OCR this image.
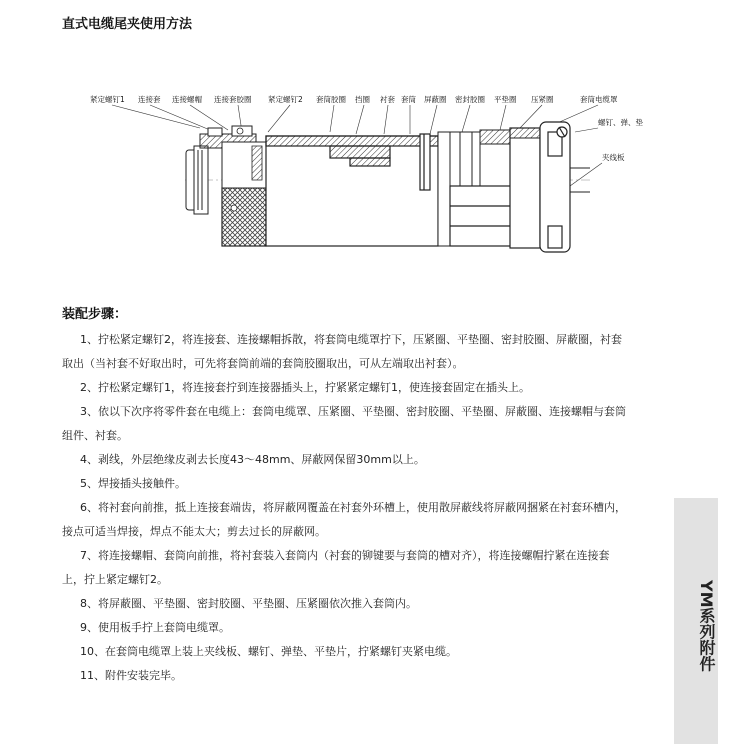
直式电缆尾夹使用方法
紧定螺钉1 连接套 连接螺帽 连接套胶圈 紧定螺钉2 套筒胶圈 挡圈 衬套 套筒 屏蔽圈 密封胶圈 平垫圈 压紧圈	套筒电缆罩
螺钉、弹、垫
夹线板
装配步骤：
1、拧松紧定螺钉2，将连接套、连接螺帽拆散，将套筒电缆罩拧下，压紧圈、平垫圈、密封胶圈、屏蔽圈，衬套
取出（当衬套不好取出时，可先将套筒前端的套筒胶圈取出，可从左端取出衬套）。
2、拧松紧定螺钉1，将连接套拧到连接器插头上，拧紧紧定螺钉1，使连接套固定在插头上。
3、依以下次序将零件套在电缆上：套筒电缆罩、压紧圈、平垫圈、密封胶圈、平垫圈、屏蔽圈、连接螺帽与套筒
组件、衬套。
4、剥线，外层绝缘皮剥去长度43～48mm、屏蔽网保留30mm以上。
5、焊接插头接触件。
6、将衬套向前推，抵上连接套端齿，将屏蔽网覆盖在衬套外环槽上，使用散屏蔽线将屏蔽网捆紧在衬套环槽内，
接点可适当焊接，焊点不能太大；剪去过长的屏蔽网。
7、将连接螺帽、套筒向前推，将衬套装入套筒内（衬套的铆键要与套筒的槽对齐），将连接螺帽拧紧在连接套
上，拧上紧定螺钉2。
8、将屏蔽圈、平垫圈、密封胶圈、平垫圈、压紧圈依次推入套筒内。
9、使用板手拧上套筒电缆罩。
10、在套筒电缆罩上装上夹线板、螺钉、弹垫、平垫片，拧紧螺钉夹紧电缆。
11、附件安装完毕。
YM系列附件
